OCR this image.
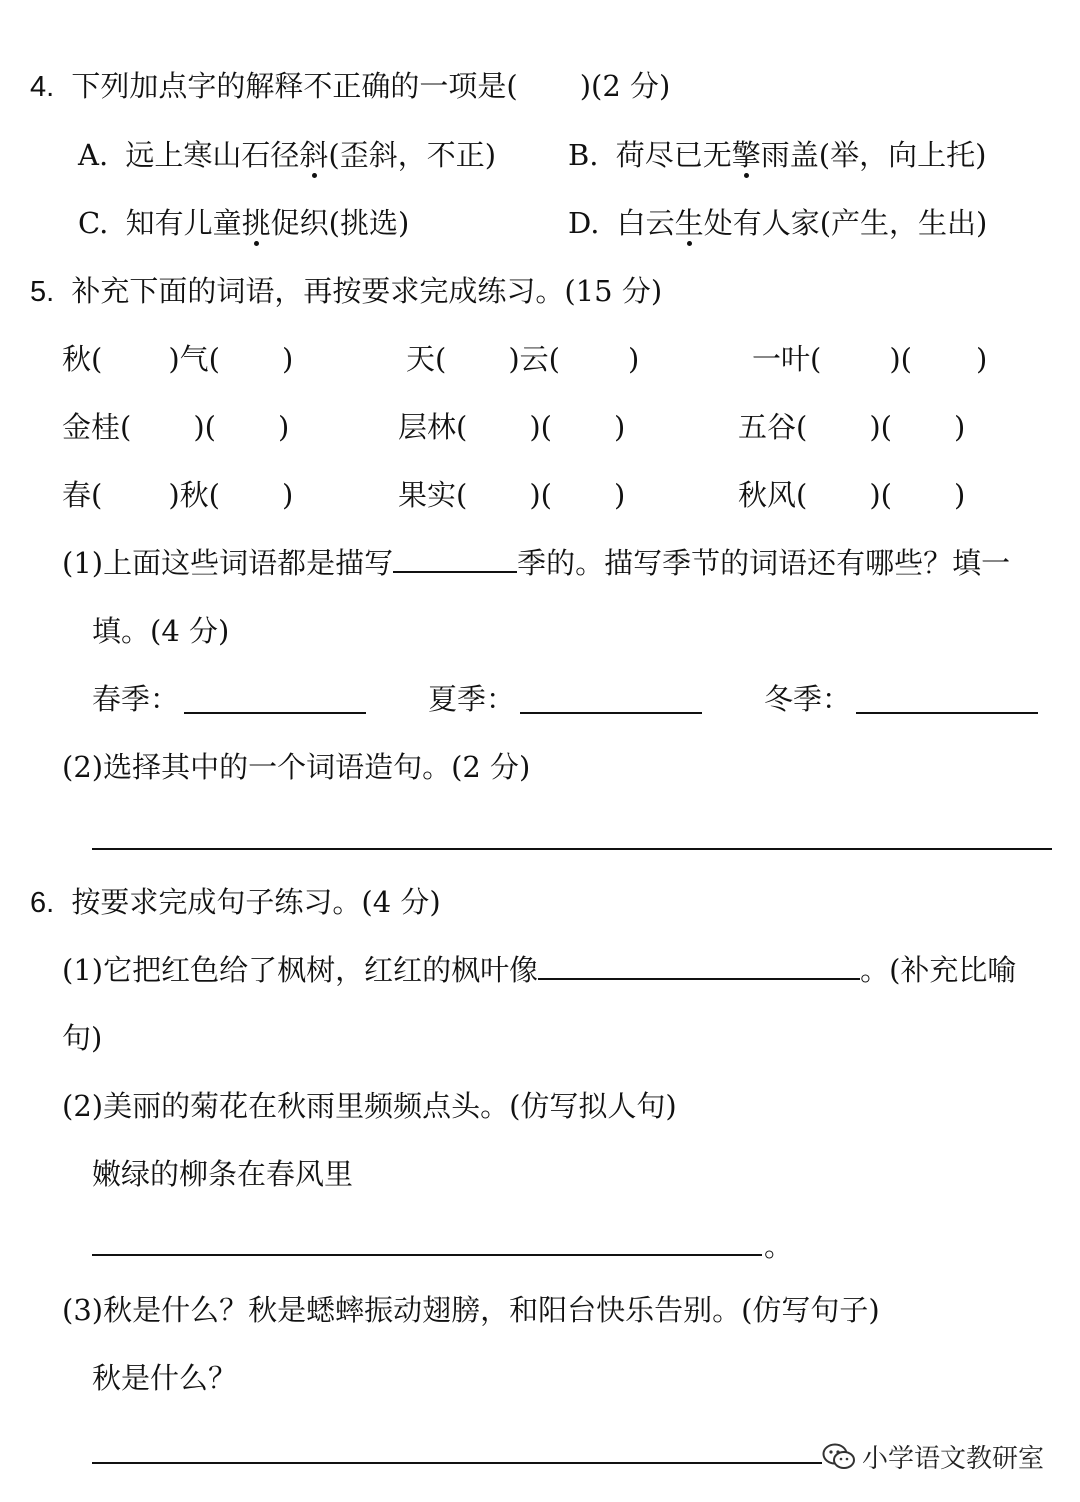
4. 下列加点字的解释不正确的一项是( )(2 分)
A. 远上寒山石径斜(歪斜，不正) B. 荷尽已无擎雨盖(举，向上托)
C. 知有儿童挑促织(挑选)	D. 白云生处有人家(产生，生出)
5. 补充下面的词语，再按要求完成练习。(15 分)
秋( )气( )	天( )云( )	一叶( )( )
金桂( )( )	层林( )( )	五谷( )( )
春( )秋( )	果实( )( )	秋风( )( )
(1)上面这些词语都是描写	季的。描写季节的词语还有哪些？填一
填。(4 分)
春季：	夏季：	冬季：
(2)选择其中的一个词语造句。(2 分)
6. 按要求完成句子练习。(4 分)
(1)它把红色给了枫树，红红的枫叶像	。(补充比喻
句)
(2)美丽的菊花在秋雨里频频点头。(仿写拟人句)
嫩绿的柳条在春风里
。
(3)秋是什么？秋是蟋蟀振动翅膀，和阳台快乐告别。(仿写句子)
秋是什么？
小学语文教研室
